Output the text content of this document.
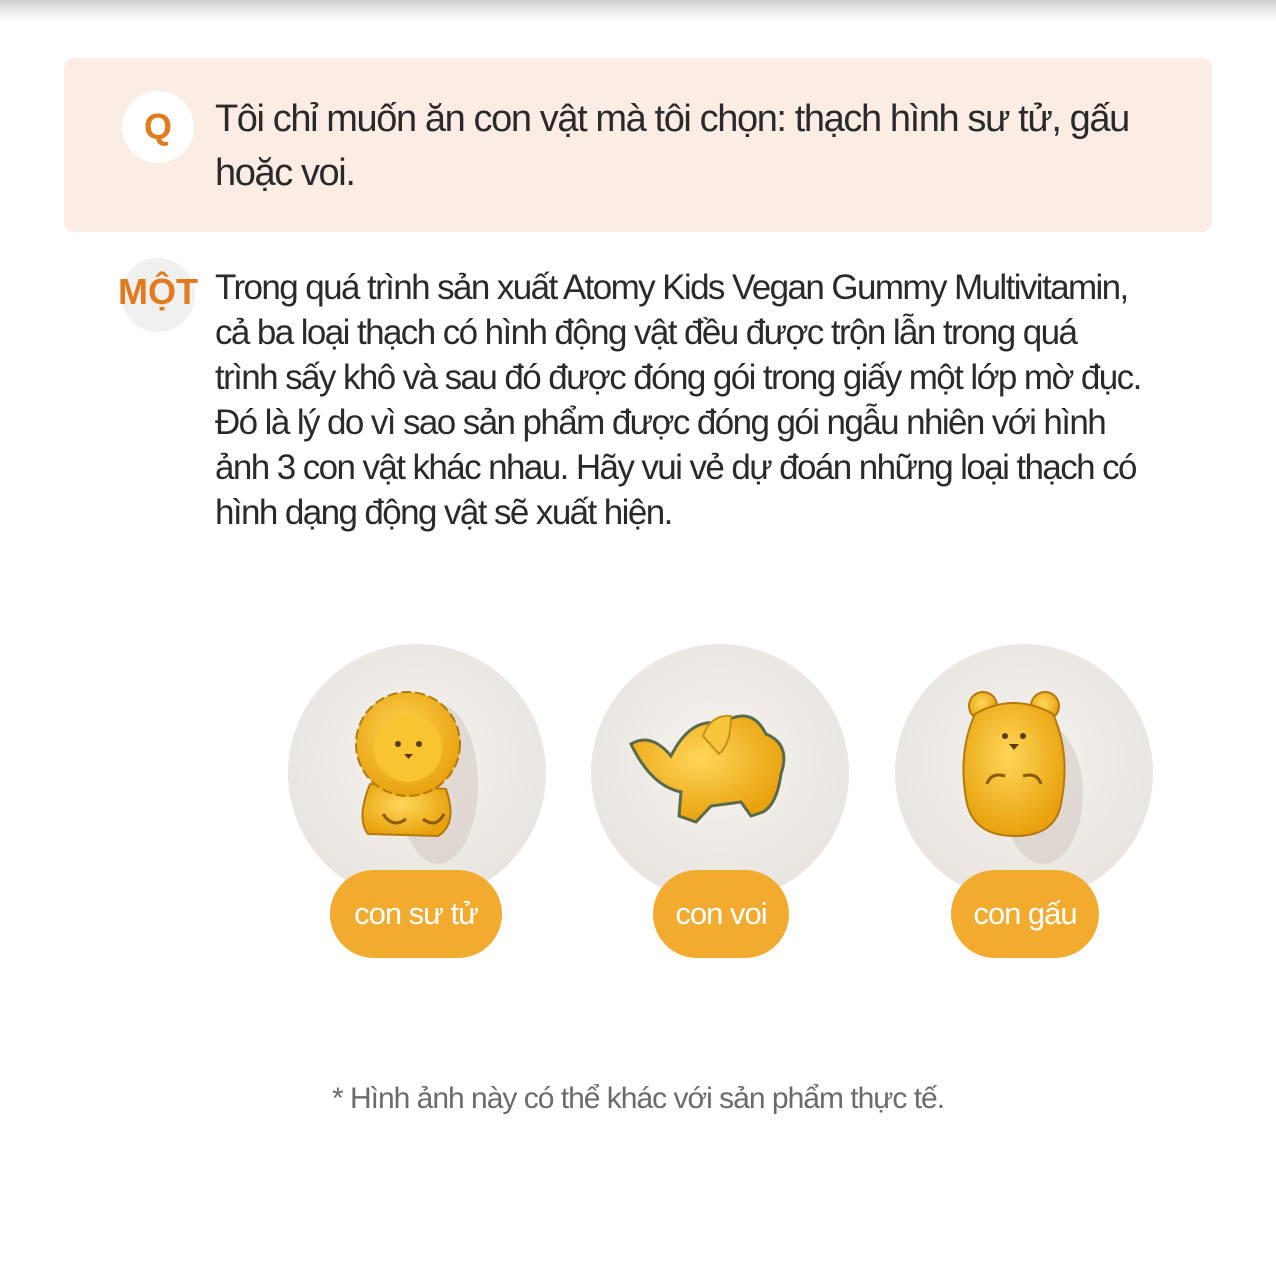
Q	Tôi chỉ muốn ăn con vật mà tôi chọn: thạch hình sư tử, gấu hoặc voi.
MỘT Trong quá trình sản xuất Atomy Kids Vegan Gummy Multivitamin, cả ba loại thạch có hình động vật đều được trộn lẫn trong quá trình sấy khô và sau đó được đóng gói trong giấy một lớp mờ đục. Đó là lý do vì sao sản phẩm được đóng gói ngẫu nhiên với hình ảnh 3 con vật khác nhau. Hãy vui vẻ dự đoán những loại thạch có hình dạng động vật sẽ xuất hiện.
con sư tử	con voi	con gấu
* Hình ảnh này có thể khác với sản phẩm thực tế.
